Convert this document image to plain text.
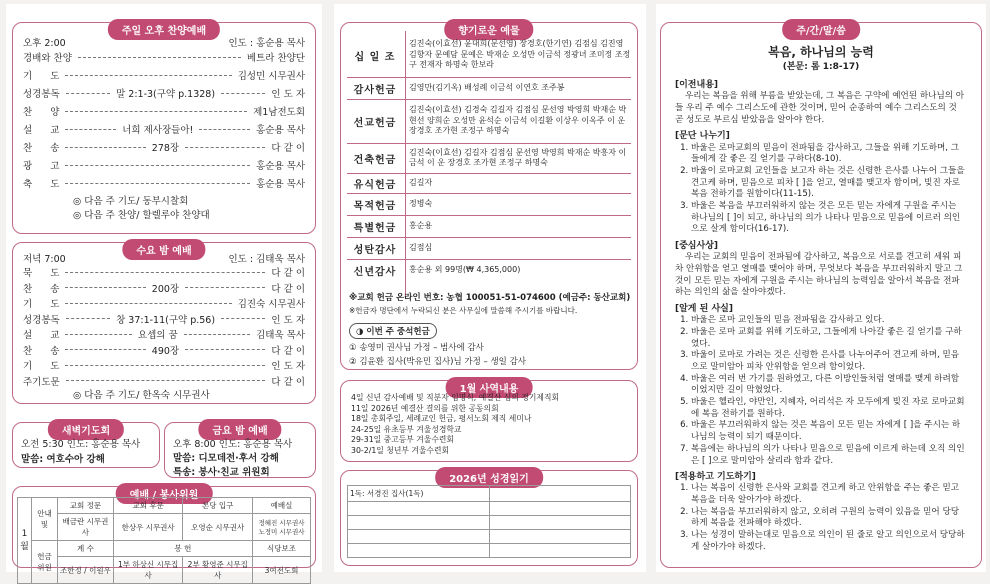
주일 오후 찬양예배
오후 2:00	인도 : 홍순용 목사
경배와 찬양	베트라 찬양단
기      도	김성민 시무권사
성경봉독	말 2:1-3(구약 p.1328)	인 도 자
찬      양	제1남전도회
설      교	너희 제사장들아!	홍순용 목사
찬      송	278장	다 같 이
광      고	홍순용 목사
축      도	홍순용 목사
◎ 다음 주 기도/ 동부시찰회
◎ 다음 주 찬양/ 할렐루야 찬양대
수요 밤 예배
저녁 7:00	인도 : 김태욱 목사
묵      도	다 같 이
찬      송	200장	다 같 이
기      도	김진숙 시무권사
성경봉독	창 37:1-11(구약 p.56)	인 도 자
설      교	요셉의 꿈	김태욱 목사
찬      송	490장	다 같 이
기      도	인 도 자
주기도문	다 같 이
◎ 다음 주 기도/ 한옥숙 시무권사
새벽기도회
오전 5:30 인도: 홍순용 목사
말씀: 여호수아 강해
금요 밤 예배
오후 8:00 인도: 홍순용 목사
말씀: 디모데전·후서 강해
특송: 봉사·친교 위원회
예배 / 봉사위원
1월	안내 및	교회 정문	교회 후문	본당 입구	예배실
		배금란 시무권사	한상우 시무권사	오영순 시무권사	정혜진 시무권사 노정미 시무권사
	헌금위원	계 수	봉 헌		식당보조
		조한정 / 이원우	1부 하상신 시무집사	2부 황영준 시무집사	3여전도회
향기로운 예물
십 일 조
김진숙(이효선) 윤대희(문선영) 장경호(한기연) 김점심 김진영 김향자 문예담 문예은 박재순 오성만 이금석 정광녀 조미정 조정구 전재자 하명숙 한보라
감사헌금	김영만(김기옥) 배성례 이금석 이연호 조주봉
선교헌금
김진숙(이효선) 김경숙 김길자 김점심 문선영 박영희 박재순 박현선 양희순 오성만 윤석순 이금석 이길환 이상우 이옥주 이 운 장경호 조가현 조정구 하명숙
건축헌금
김진숙(이효선) 김길자 김점심 문선영 박영희 박재순 박흥자 이금석 이 운 장경호 조가현 조정구 하명숙
유식헌금	김길자
목적헌금	정병숙
특별헌금	홍순용
성탄감사	김점심
신년감사	홍순용 외 99명(₩ 4,365,000)
※교회 헌금 온라인 번호: 농협 100051-51-074600 (예금주: 동산교회)
※헌금자 명단에서 누락되신 분은 사무실에 말씀해 주시기를 바랍니다.
◑ 이번 주 중석헌금
① 송영미 권사님 가정 – 범사에 감사
② 김윤환 집사(박유민 집사)님 가정 – 생일 감사
1월 사역내용
4일 신년 감사예배 및 직분자 임명식, 예결산 심의 정기제직회
11일 2026년 예결산 결의를 위한 공동의회
18일 총회주일, 세례교인 헌금, 평서노회 제직 세미나
24-25일 유초등부 겨울성경학교
29-31일 중고등부 겨울수련회
30-2/1일 청년부 겨울수련회
2026년 성경읽기
1독: 서경진 집사(1독)	

주/간/말/씀
복음, 하나님의 능력
(본문: 롬 1:8-17)
[이전내용]

우리는 복음을 위해 부름을 받았는데, 그 복음은 구약에 예언된 하나님의 아들 우리 주 예수 그리스도에 관한 것이며, 믿어 순종하여 예수 그리스도의 것 곧 성도로 부르심 받았음을 알아야 한다.

[문단 나누기]
1. 바울은 로마교회의 믿음이 전파됨을 감사하고, 그들을 위해 기도하며, 그들에게 갈 좋은 길 얻기를 구하다(8-10).
2. 바울이 로마교회 교인들을 보고자 하는 것은 신령한 은사를 나누어 그들을 견고케 하며, 믿음으로 피차 [ ]을 얻고, 열매를 맺고자 함이며, 빚진 자로 복음 전하기를 원함이다(11-15).
3. 바울은 복음을 부끄러워하지 않는 것은 모든 믿는 자에게 구원을 주시는 하나님의 [ ]이 되고, 하나님의 의가 나타나 믿음으로 믿음에 이르러 의인으로 살게 함이다(16-17).
[중심사상]

우리는 교회의 믿음이 전파됨에 감사하고, 복음으로 서로를 견고히 세워 피차 안위함을 얻고 열매를 맺어야 하며, 무엇보다 복음을 부끄러워하지 말고 그것이 모든 믿는 자에게 구원을 주시는 하나님의 능력임을 알아서 복음을 전파하는 의인의 삶을 살아야겠다.

[알게 된 사실]
1. 바울은 로마 교인들의 믿음 전파됨을 감사하고 있다.
2. 바울은 로마 교회를 위해 기도하고, 그들에게 나아갈 좋은 길 얻기를 구하였다.
3. 바울이 로마로 가려는 것은 신령한 은사를 나누어주어 견고케 하며, 믿음으로 말미암아 피차 안위함을 얻으려 함이었다.
4. 바울은 여러 번 가기를 원하였고, 다른 이방인들처럼 열매를 맺게 하려함이었지만 길이 막혔었다.
5. 바울은 헬라인, 야만인, 지혜자, 어리석은 자 모두에게 빚진 자로 로마교회에 복음 전하기를 원하다.
6. 바울은 부끄러워하지 않는 것은 복음이 모든 믿는 자에게 [ ]을 주시는 하나님의 능력이 되기 때문이다.
7. 복음에는 하나님의 의가 나타나 믿음으로 믿음에 이르게 하는데 오직 의인은 [ ]으로 말미암아 살리라 함과 같다.
[적용하고 기도하기]
1. 나는 복음이 신령한 은사와 교회를 견고케 하고 안위함을 주는 좋은 믿고 복음을 더욱 알아가야 하겠다.
2. 나는 복음을 부끄러워하지 않고, 오히려 구원의 능력이 있음을 믿어 당당하게 복음을 전파해야 하겠다.
3. 나는 성경이 말하는대로 믿음으로 의인이 된 줄로 알고 의인으로서 당당하게 살아가야 하겠다.
